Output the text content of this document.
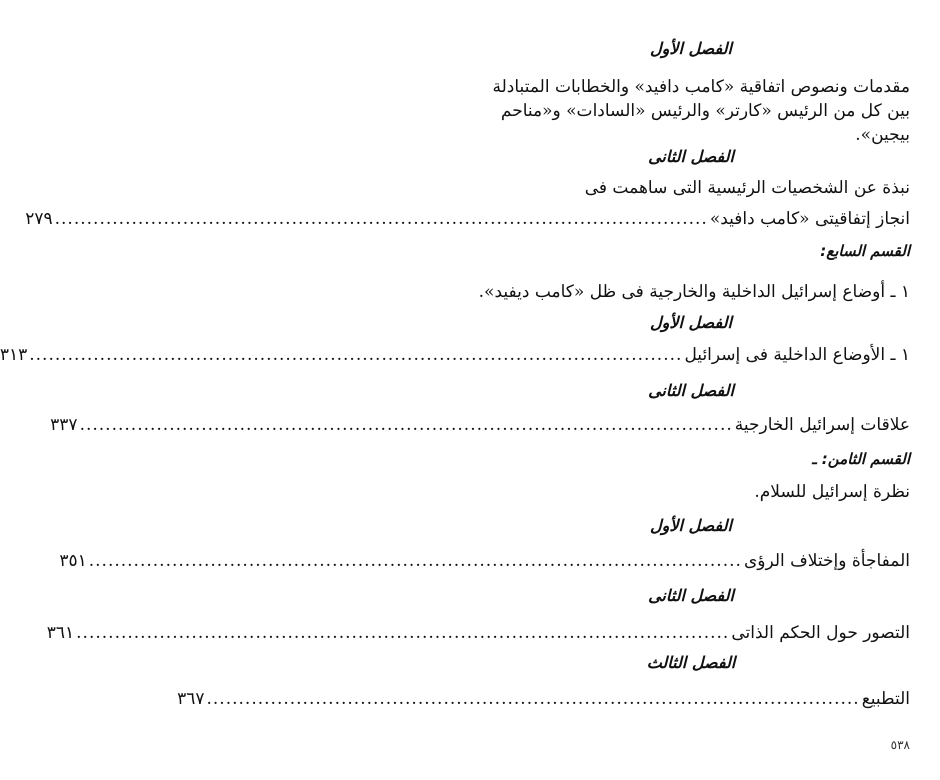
الفصل الأول
مقدمات ونصوص اتفاقية «كامب دافيد» والخطابات المتبادلة بين كل من الرئيس «كارتر» والرئيس «السادات» و«مناحم بيجين».
الفصل الثانى
نبذة عن الشخصيات الرئيسية التى ساهمت فى
انجاز إتفاقيتى «كامب دافيد»
......................................................................................................
٢٧٩
القسم السابع:
١ ـ أوضاع إسرائيل الداخلية والخارجية فى ظل «كامب ديفيد».
الفصل الأول
١ ـ الأوضاع الداخلية فى إسرائيل
......................................................................................................
٣١٣
الفصل الثانى
علاقات إسرائيل الخارجية
......................................................................................................
٣٣٧
القسم الثامن: ـ
نظرة إسرائيل للسلام.
الفصل الأول
المفاجأة وإختلاف الرؤى
......................................................................................................
٣٥١
الفصل الثانى
التصور حول الحكم الذاتى
......................................................................................................
٣٦١
الفصل الثالث
التطبيع
......................................................................................................
٣٦٧
٥٣٨
